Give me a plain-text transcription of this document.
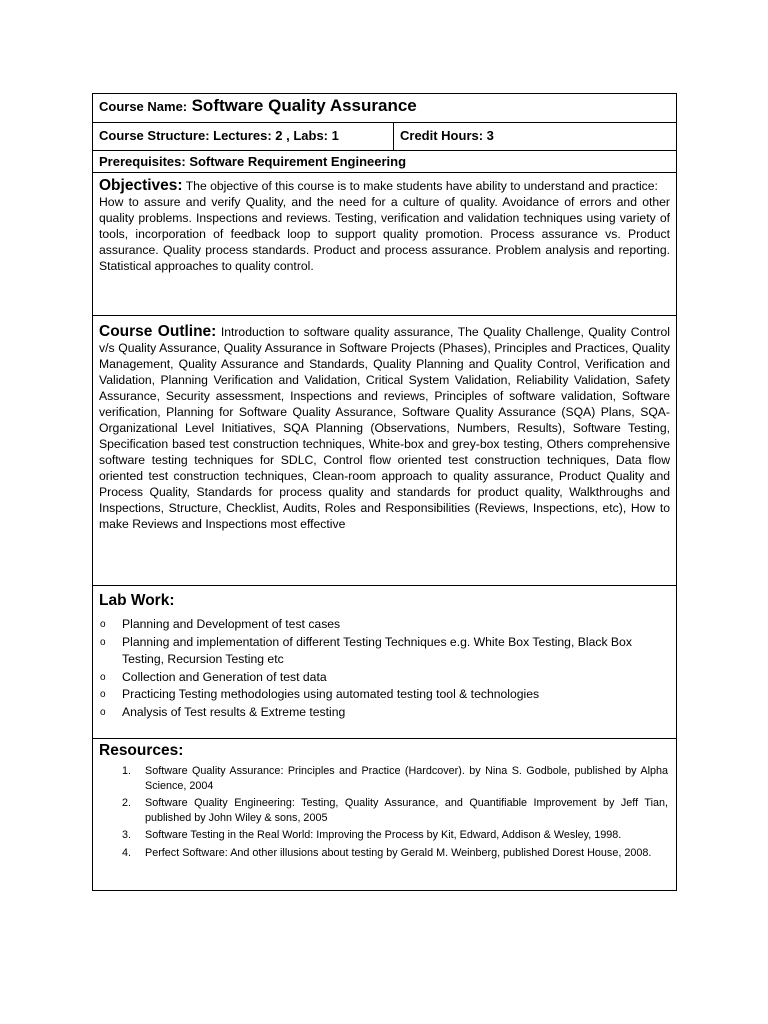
Course Name: Software Quality Assurance
Course Structure: Lectures: 2 , Labs: 1	Credit Hours: 3
Prerequisites: Software Requirement Engineering
Objectives: The objective of this course is to make students have ability to understand and practice:
How to assure and verify Quality, and the need for a culture of quality. Avoidance of errors and other quality problems. Inspections and reviews. Testing, verification and validation techniques using variety of tools, incorporation of feedback loop to support quality promotion. Process assurance vs. Product assurance. Quality process standards. Product and process assurance. Problem analysis and reporting. Statistical approaches to quality control.
Course Outline: Introduction to software quality assurance, The Quality Challenge, Quality Control v/s Quality Assurance, Quality Assurance in Software Projects (Phases), Principles and Practices, Quality Management, Quality Assurance and Standards, Quality Planning and Quality Control, Verification and Validation, Planning Verification and Validation, Critical System Validation, Reliability Validation, Safety Assurance, Security assessment, Inspections and reviews, Principles of software validation, Software verification, Planning for Software Quality Assurance, Software Quality Assurance (SQA) Plans, SQA-Organizational Level Initiatives, SQA Planning (Observations, Numbers, Results), Software Testing, Specification based test construction techniques, White-box and grey-box testing, Others comprehensive software testing techniques for SDLC, Control flow oriented test construction techniques, Data flow oriented test construction techniques, Clean-room approach to quality assurance, Product Quality and Process Quality, Standards for process quality and standards for product quality, Walkthroughs and Inspections, Structure, Checklist, Audits, Roles and Responsibilities (Reviews, Inspections, etc), How to make Reviews and Inspections most effective
Lab Work:
o Planning and Development of test cases
o Planning and implementation of different Testing Techniques e.g. White Box Testing, Black Box Testing, Recursion Testing etc
o Collection and Generation of test data
o Practicing Testing methodologies using automated testing tool & technologies
o Analysis of Test results & Extreme testing
Resources:
1. Software Quality Assurance: Principles and Practice (Hardcover). by Nina S. Godbole, published by Alpha Science, 2004
2. Software Quality Engineering: Testing, Quality Assurance, and Quantifiable Improvement by Jeff Tian, published by John Wiley & sons, 2005
3. Software Testing in the Real World: Improving the Process by Kit, Edward, Addison & Wesley, 1998.
4. Perfect Software: And other illusions about testing by Gerald M. Weinberg, published Dorest House, 2008.
